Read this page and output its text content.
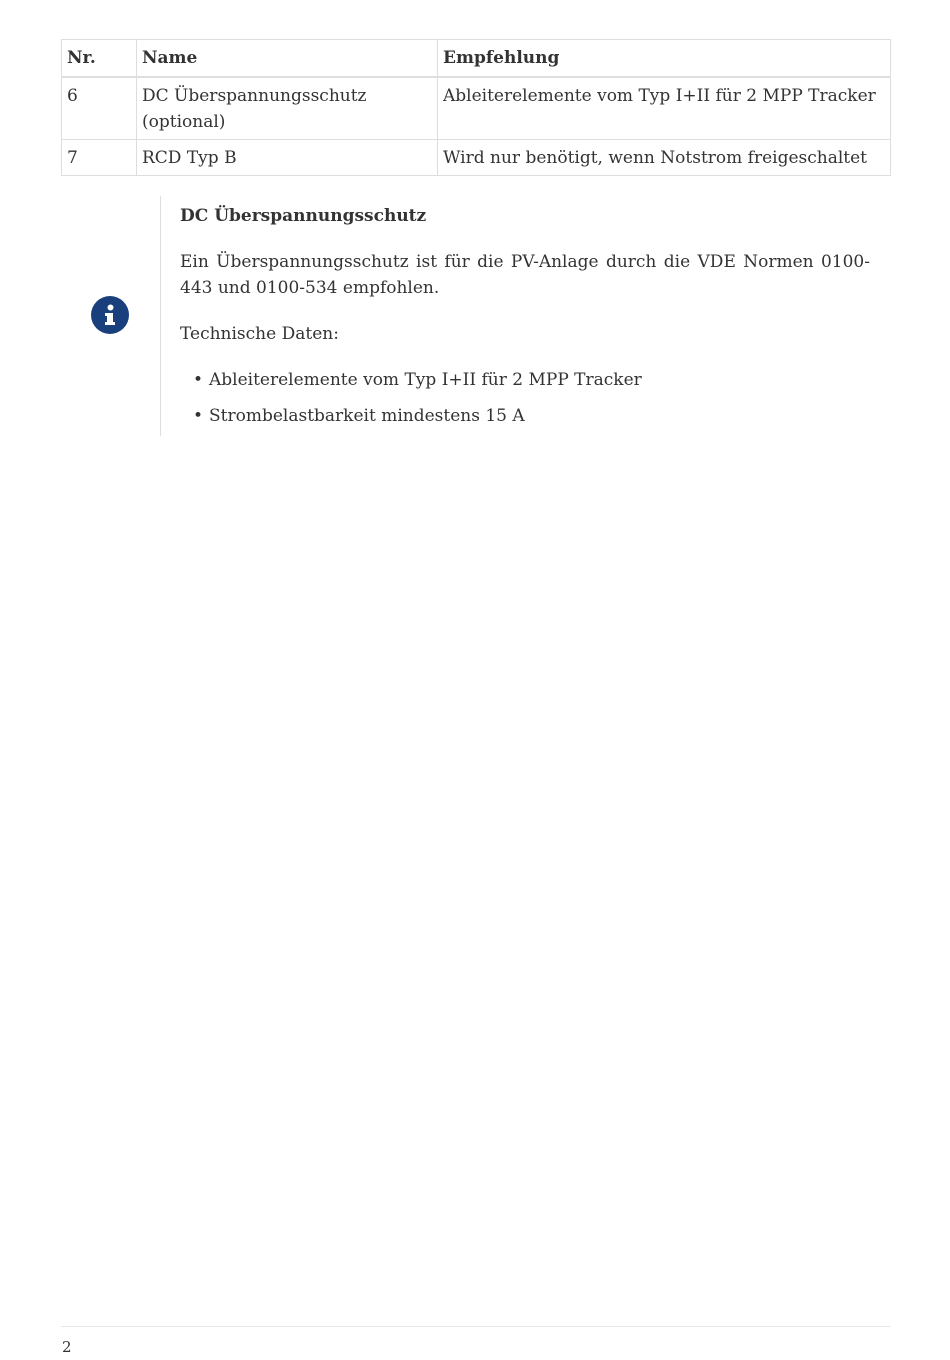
Nr.	Name	Empfehlung
6	DC Überspannungsschutz (optional)	Ableiterelemente vom Typ I+II für 2 MPP Tracker
7	RCD Typ B	Wird nur benötigt, wenn Notstrom freigeschaltet
DC Überspannungsschutz

Ein Überspannungsschutz ist für die PV-Anlage durch die VDE Normen 0100-443 und 0100-534 empfohlen.

Technische Daten:

• Ableiterelemente vom Typ I+II für 2 MPP Tracker
• Strombelastbarkeit mindestens 15 A
2
